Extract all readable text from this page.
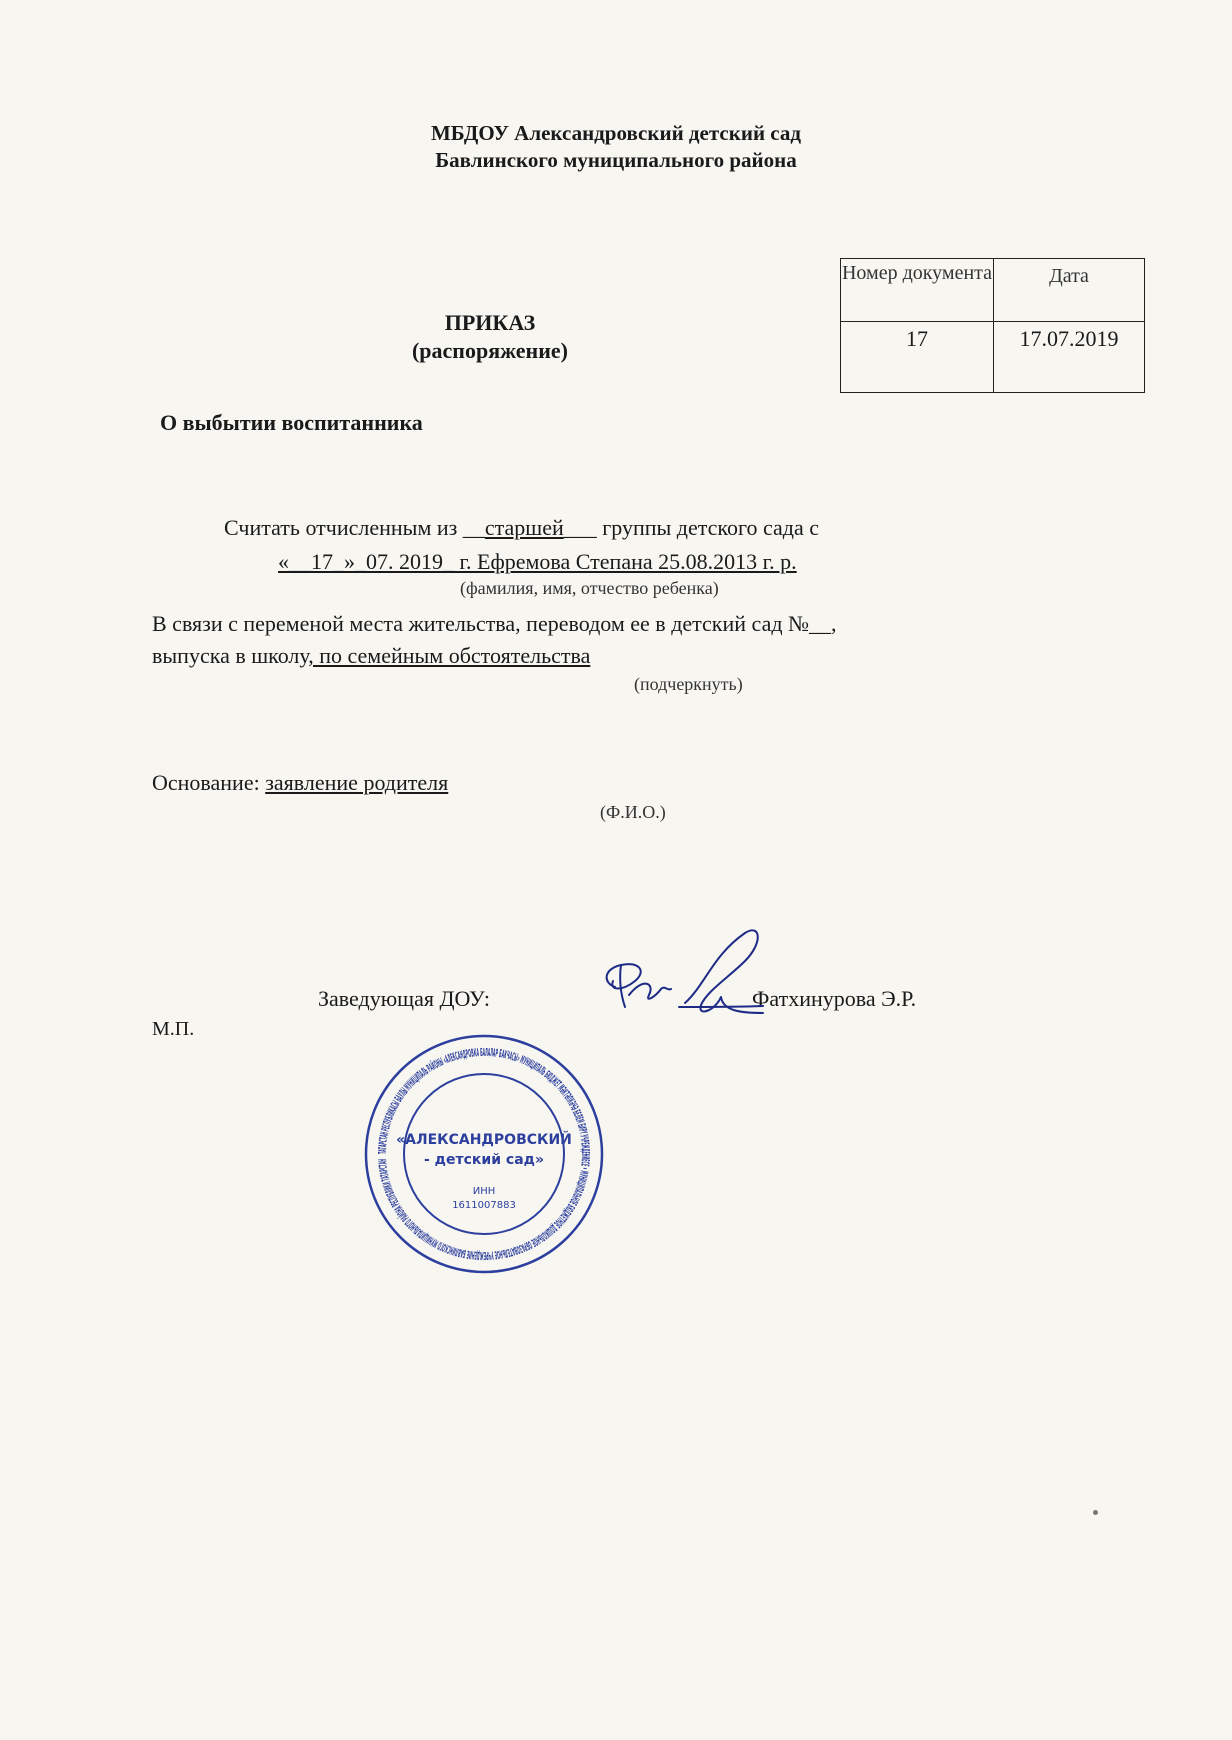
МБДОУ Александровский детский сад
Бавлинского муниципального района
Номер документа	Дата
17	17.07.2019
ПРИКАЗ
(распоряжение)
О выбытии воспитанника
Считать отчисленным из __старшей___ группы детского сада с
«__17_»_07. 2019_ г. Ефремова Степана 25.08.2013 г. р.
(фамилия, имя, отчество ребенка)
В связи с переменой места жительства, переводом ее в детский сад №__,
выпуска в школу, по семейным обстоятельства
(подчеркнуть)
Основание: заявление родителя
(Ф.И.О.)
Заведующая ДОУ:	Фатхинурова Э.Р.
М.П.
ТАТАРСТАН РЕСПУБЛИКАСЫ БАУЛЫ МУНИЦИПАЛЬ РАЙОНЫ «АЛЕКСАНДРОВКА БАЛАЛАР БАКЧАСЫ» МУНИЦИПАЛЬ БЮДЖЕТ МӘКТӘПКӘЧӘ БЕЛЕМ БИРҮ УЧРЕЖДЕНИЕСЕ • МУНИЦИПАЛЬНОЕ БЮДЖЕТНОЕ ДОШКОЛЬНОЕ ОБРАЗОВАТЕЛЬНОЕ УЧРЕЖДЕНИЕ БАВЛИНСКОГО МУНИЦИПАЛЬНОГО РАЙОНА РЕСПУБЛИКИ ТАТАРСТАН
«АЛЕКСАНДРОВСКИЙ
- детский сад»
ИНН
1611007883
